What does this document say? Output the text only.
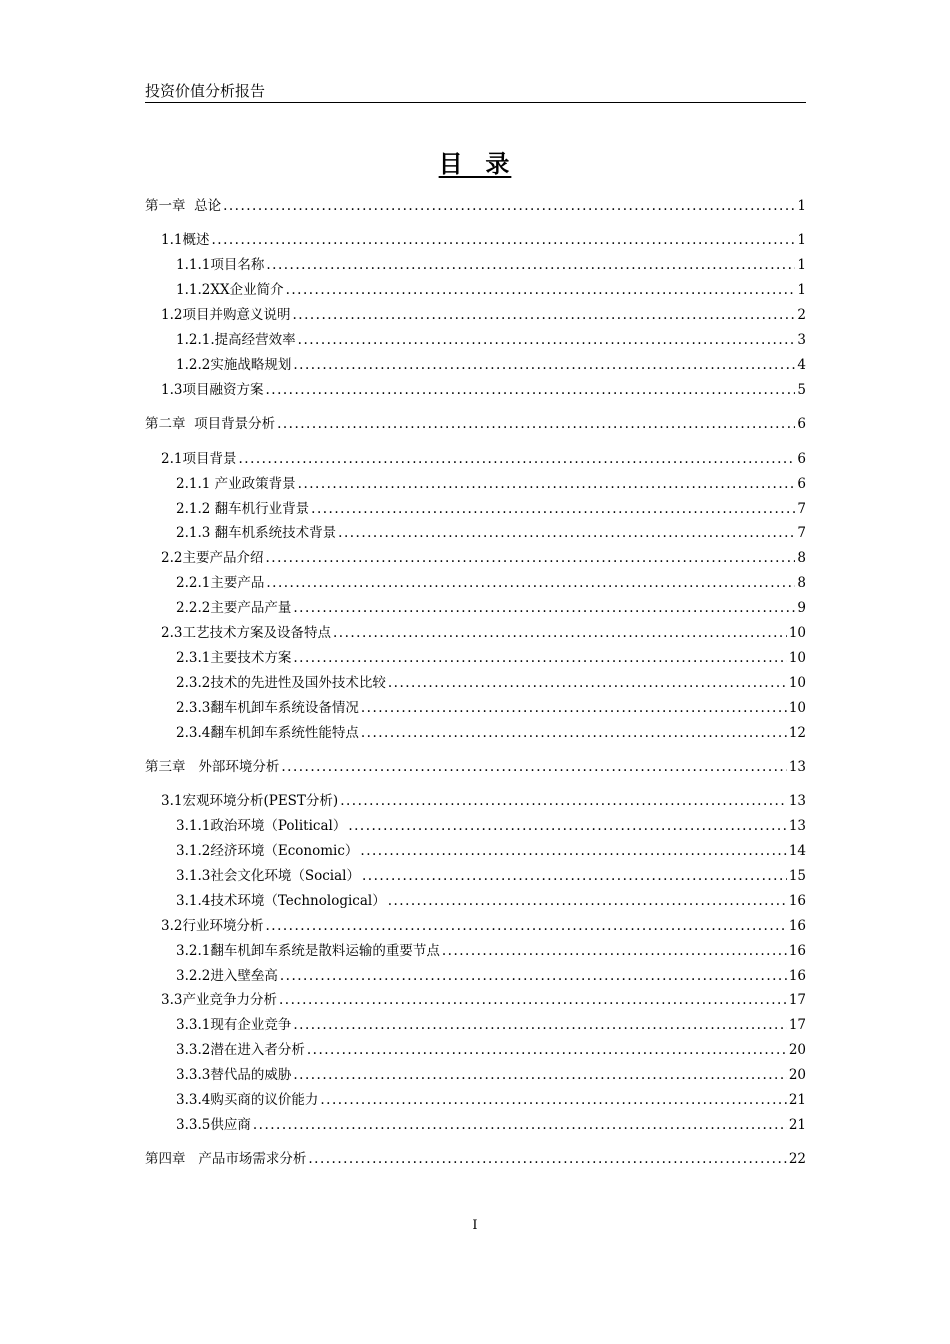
投资价值分析报告
目  录
第一章  总论 .....	1
1.1概述 .....	1
1.1.1项目名称 .....	1
1.1.2XX企业简介 .....	1
1.2项目并购意义说明 .....	2
1.2.1.提高经营效率 .....	3
1.2.2实施战略规划 .....	4
1.3项目融资方案 .....	5
第二章  项目背景分析 .....	6
2.1项目背景 .....	6
2.1.1 产业政策背景 .....	6
2.1.2 翻车机行业背景 .....	7
2.1.3 翻车机系统技术背景 .....	7
2.2主要产品介绍 .....	8
2.2.1主要产品 .....	8
2.2.2主要产品产量 .....	9
2.3工艺技术方案及设备特点 .....	10
2.3.1主要技术方案 .....	10
2.3.2技术的先进性及国外技术比较 .....	10
2.3.3翻车机卸车系统设备情况 .....	10
2.3.4翻车机卸车系统性能特点 .....	12
第三章   外部环境分析 .....	13
3.1宏观环境分析(PEST分析) .....	13
3.1.1政治环境（Political） .....	13
3.1.2经济环境（Economic） .....	14
3.1.3社会文化环境（Social） .....	15
3.1.4技术环境（Technological） .....	16
3.2行业环境分析 .....	16
3.2.1翻车机卸车系统是散料运输的重要节点 .....	16
3.2.2进入壁垒高 .....	16
3.3产业竞争力分析 .....	17
3.3.1现有企业竞争 .....	17
3.3.2潜在进入者分析 .....	20
3.3.3替代品的威胁 .....	20
3.3.4购买商的议价能力 .....	21
3.3.5供应商 .....	21
第四章   产品市场需求分析 .....	22
I
